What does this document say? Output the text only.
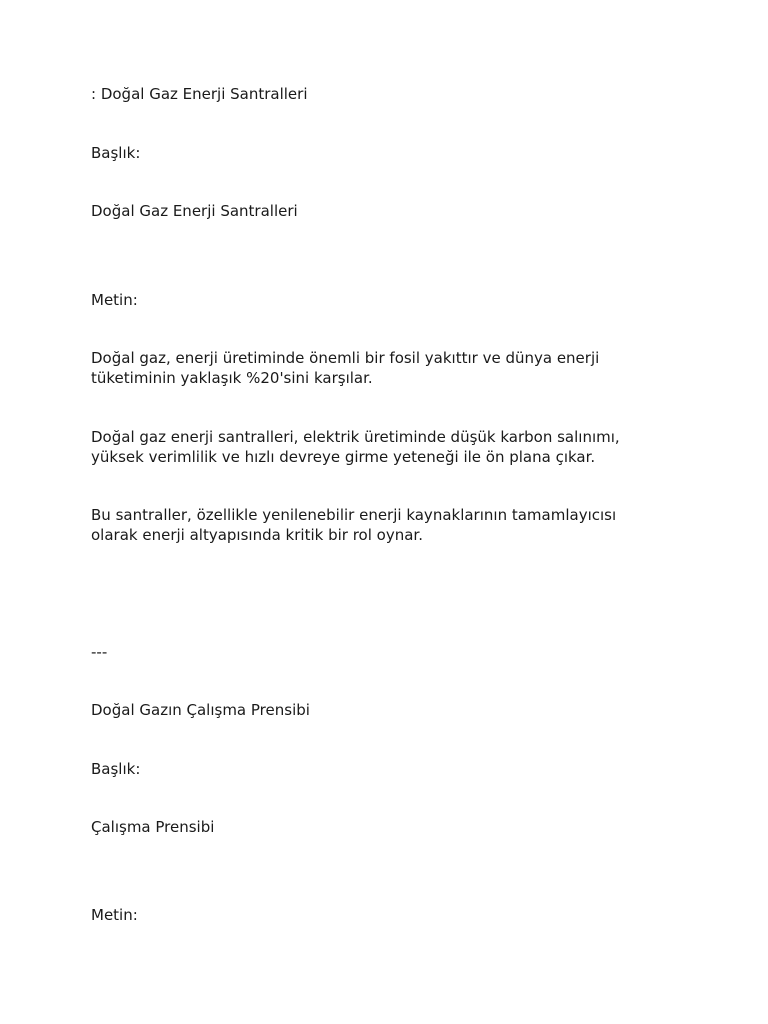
: Doğal Gaz Enerji Santralleri

Başlık:

Doğal Gaz Enerji Santralleri

Metin:

Doğal gaz, enerji üretiminde önemli bir fosil yakıttır ve dünya enerji
tüketiminin yaklaşık %20'sini karşılar.
Doğal gaz enerji santralleri, elektrik üretiminde düşük karbon salınımı,
yüksek verimlilik ve hızlı devreye girme yeteneği ile ön plana çıkar.
Bu santraller, özellikle yenilenebilir enerji kaynaklarının tamamlayıcısı
olarak enerji altyapısında kritik bir rol oynar.

---

Doğal Gazın Çalışma Prensibi

Başlık:

Çalışma Prensibi

Metin:
